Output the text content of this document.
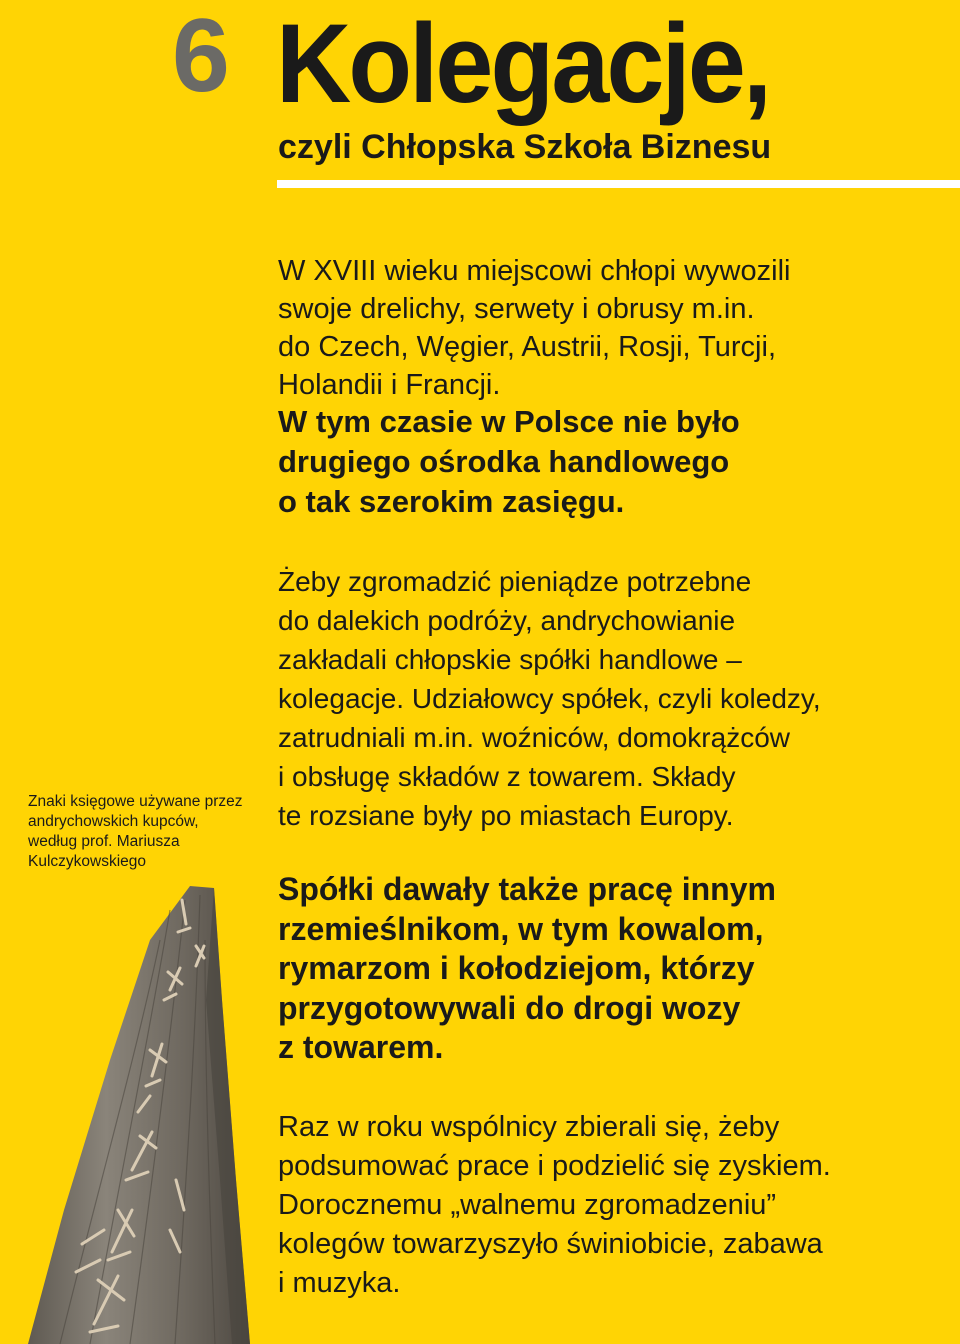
6 Kolegacje,
czyli Chłopska Szkoła Biznesu

W XVIII wieku miejscowi chłopi wywozili
swoje drelichy, serwety i obrusy m.in.
do Czech, Węgier, Austrii, Rosji, Turcji,
Holandii i Francji.

W tym czasie w Polsce nie było
drugiego ośrodka handlowego
o tak szerokim zasięgu.

Żeby zgromadzić pieniądze potrzebne
do dalekich podróży, andrychowianie
zakładali chłopskie spółki handlowe –
kolegacje. Udziałowcy spółek, czyli koledzy,
zatrudniali m.in. woźniców, domokrążców
i obsługę składów z towarem. Składy
te rozsiane były po miastach Europy.

Spółki dawały także pracę innym
rzemieślnikom, w tym kowalom,
rymarzom i kołodziejom, którzy
przygotowywali do drogi wozy
z towarem.

Raz w roku wspólnicy zbierali się, żeby
podsumować prace i podzielić się zyskiem.
Dorocznemu „walnemu zgromadzeniu”
kolegów towarzyszyło świniobicie, zabawa
i muzyka.

Znaki księgowe używane przez
andrychowskich kupców,
według prof. Mariusza
Kulczykowskiego
